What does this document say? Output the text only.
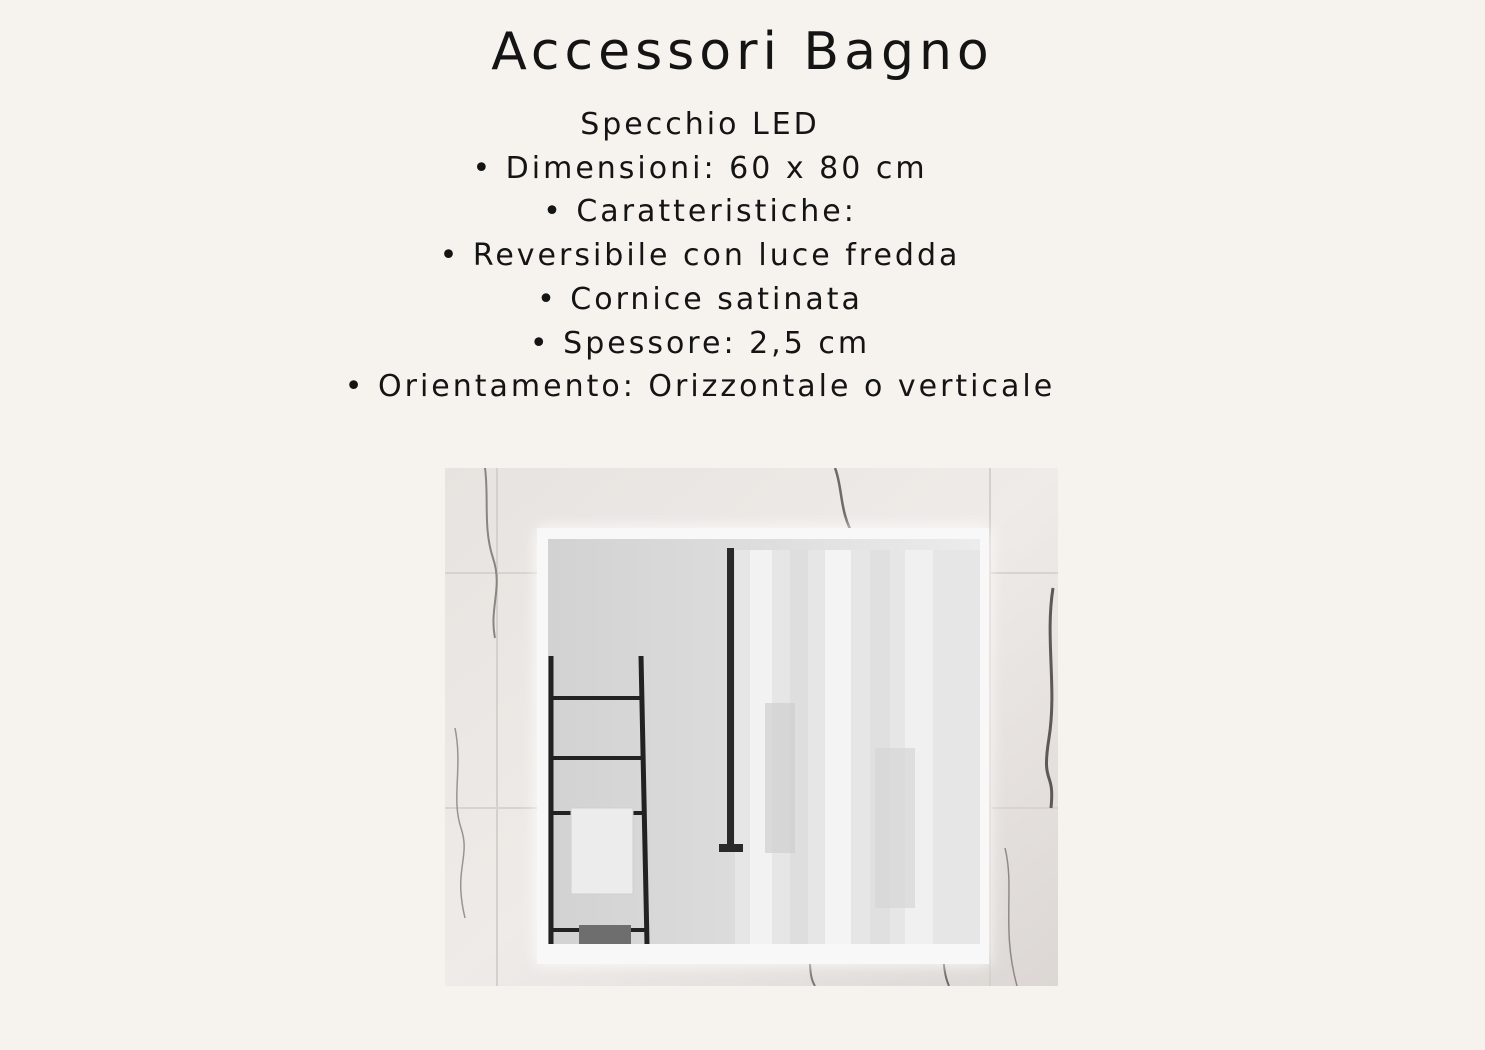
Accessori Bagno
Specchio LED
• Dimensioni: 60 x 80 cm
• Caratteristiche:
• Reversibile con luce fredda
• Cornice satinata
• Spessore: 2,5 cm
• Orientamento: Orizzontale o verticale
